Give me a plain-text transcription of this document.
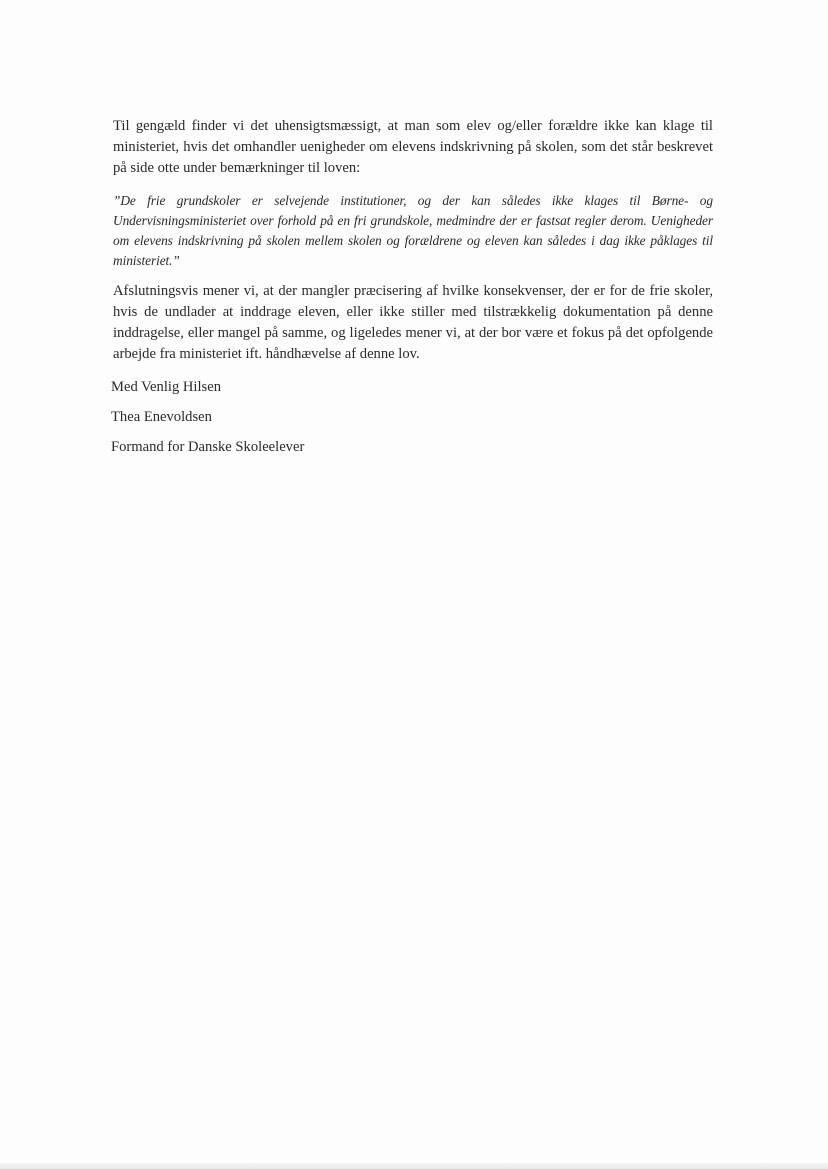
Til gengæld finder vi det uhensigtsmæssigt, at man som elev og/eller forældre ikke kan klage til ministeriet, hvis det omhandler uenigheder om elevens indskrivning på skolen, som det står beskrevet på side otte under bemærkninger til loven:

”De frie grundskoler er selvejende institutioner, og der kan således ikke klages til Børne- og Undervisningsministeriet over forhold på en fri grundskole, medmindre der er fastsat regler derom. Uenigheder om elevens indskrivning på skolen mellem skolen og forældrene og eleven kan således i dag ikke påklages til ministeriet.”

Afslutningsvis mener vi, at der mangler præcisering af hvilke konsekvenser, der er for de frie skoler, hvis de undlader at inddrage eleven, eller ikke stiller med tilstrækkelig dokumentation på denne inddragelse, eller mangel på samme, og ligeledes mener vi, at der bor være et fokus på det opfolgende arbejde fra ministeriet ift. håndhævelse af denne lov.

Med Venlig Hilsen
Thea Enevoldsen
Formand for Danske Skoleelever
